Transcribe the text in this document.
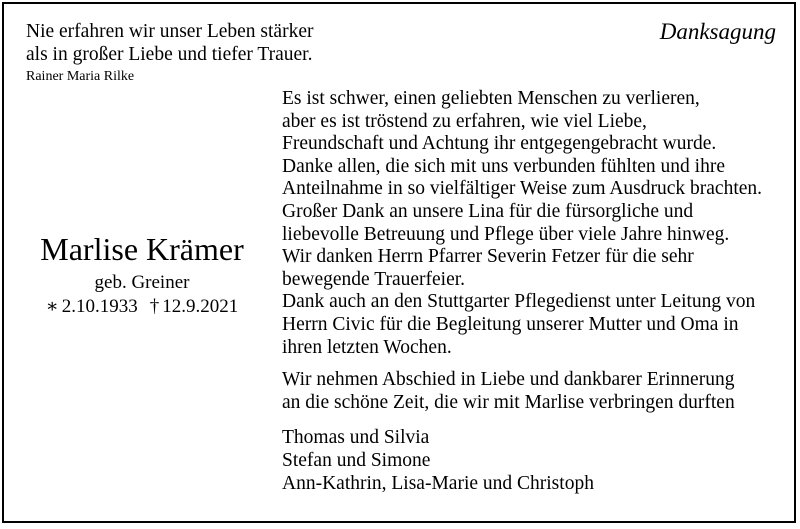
Nie erfahren wir unser Leben stärker
als in großer Liebe und tiefer Trauer.
Rainer Maria Rilke
Danksagung
Marlise Krämer
geb. Greiner
∗ 2.10.1933 † 12.9.2021
Es ist schwer, einen geliebten Menschen zu verlieren,
aber es ist tröstend zu erfahren, wie viel Liebe,
Freundschaft und Achtung ihr entgegengebracht wurde.
Danke allen, die sich mit uns verbunden fühlten und ihre
Anteilnahme in so vielfältiger Weise zum Ausdruck brachten.
Großer Dank an unsere Lina für die fürsorgliche und
liebevolle Betreuung und Pflege über viele Jahre hinweg.
Wir danken Herrn Pfarrer Severin Fetzer für die sehr
bewegende Trauerfeier.
Dank auch an den Stuttgarter Pflegedienst unter Leitung von
Herrn Civic für die Begleitung unserer Mutter und Oma in
ihren letzten Wochen.
Wir nehmen Abschied in Liebe und dankbarer Erinnerung
an die schöne Zeit, die wir mit Marlise verbringen durften
Thomas und Silvia
Stefan und Simone
Ann-Kathrin, Lisa-Marie und Christoph
